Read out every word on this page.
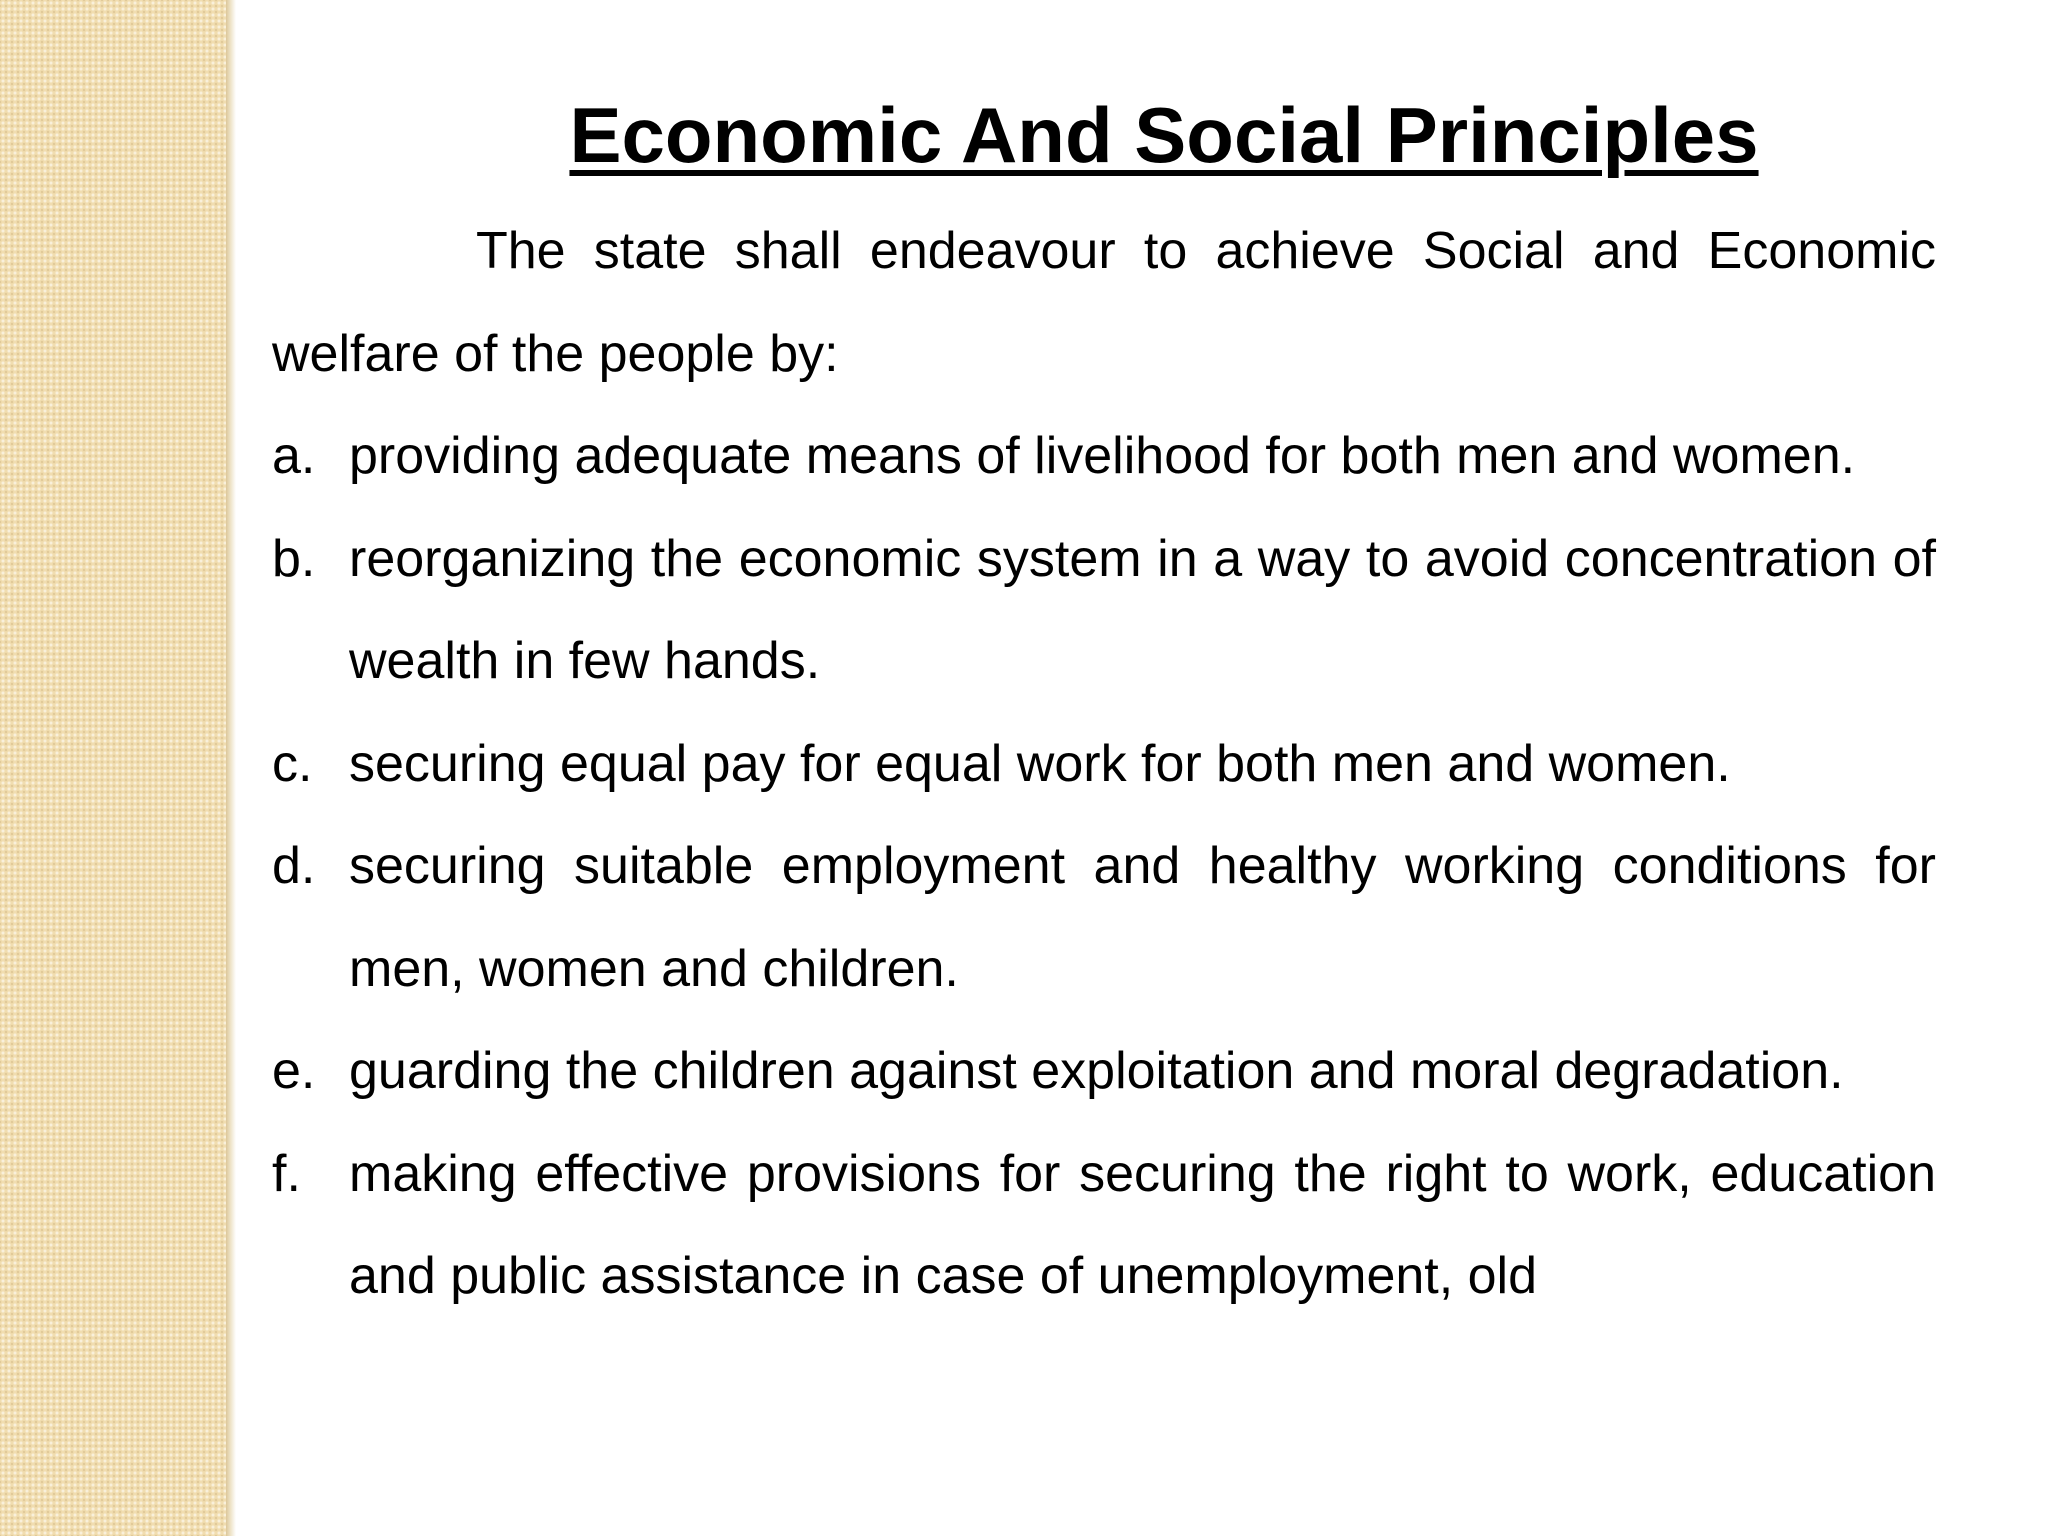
Economic And Social Principles

The state shall endeavour to achieve Social and Economic welfare of the people by:

a. providing adequate means of livelihood for both men and women.
b. reorganizing the economic system in a way to avoid concentration of wealth in few hands.
c. securing equal pay for equal work for both men and women.
d. securing suitable employment and healthy working conditions for men, women and children.
e. guarding the children against exploitation and moral degradation.
f. making effective provisions for securing the right to work, education and public assistance in case of unemployment, old
